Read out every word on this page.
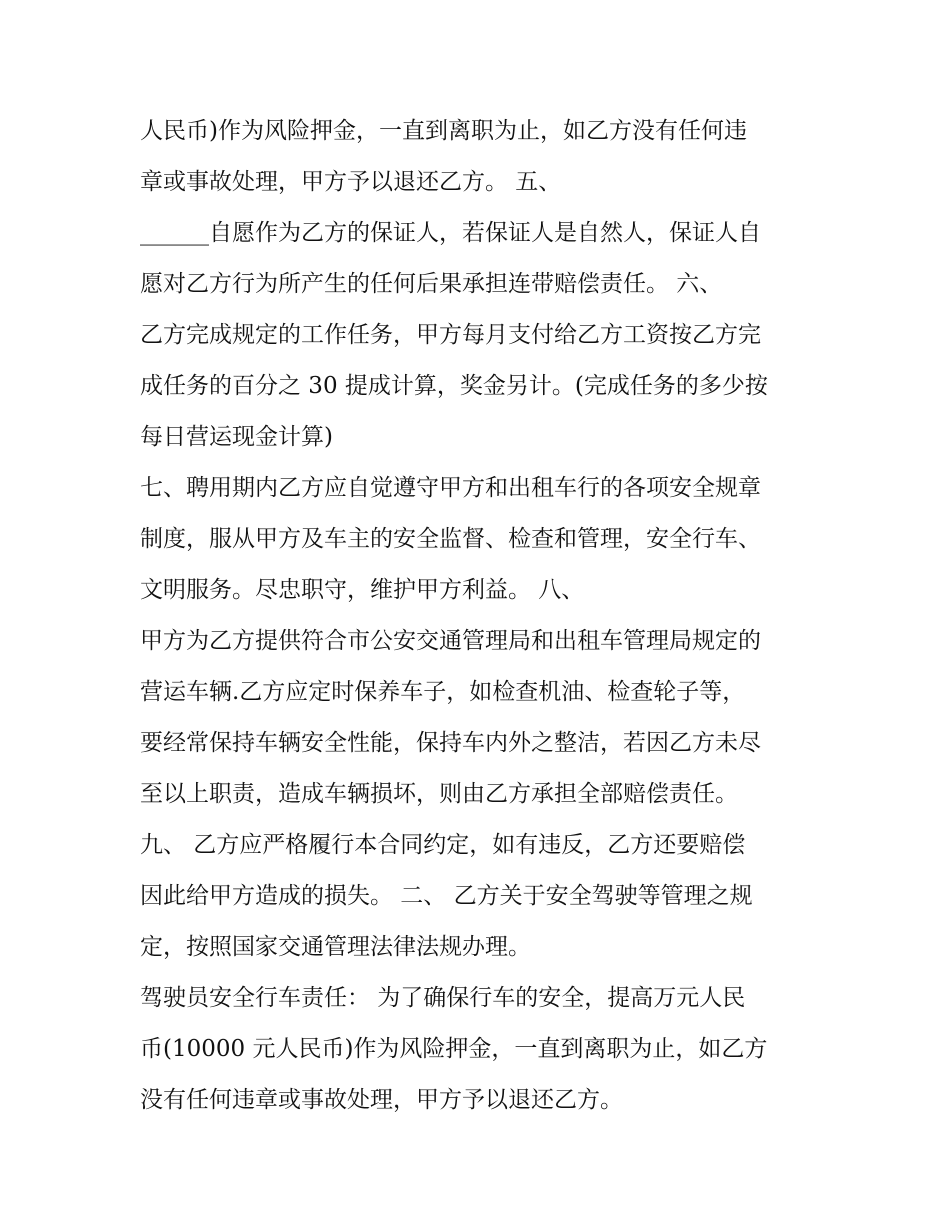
人民币)作为风险押金，一直到离职为止，如乙方没有任何违
章或事故处理，甲方予以退还乙方。 五、
______自愿作为乙方的保证人，若保证人是自然人，保证人自
愿对乙方行为所产生的任何后果承担连带赔偿责任。 六、
乙方完成规定的工作任务，甲方每月支付给乙方工资按乙方完
成任务的百分之 30 提成计算，奖金另计。(完成任务的多少按
每日营运现金计算)
七、聘用期内乙方应自觉遵守甲方和出租车行的各项安全规章
制度，服从甲方及车主的安全监督、检查和管理，安全行车、
文明服务。尽忠职守，维护甲方利益。 八、
甲方为乙方提供符合市公安交通管理局和出租车管理局规定的
营运车辆.乙方应定时保养车子，如检查机油、检查轮子等，
要经常保持车辆安全性能，保持车内外之整洁，若因乙方未尽
至以上职责，造成车辆损坏，则由乙方承担全部赔偿责任。
九、 乙方应严格履行本合同约定，如有违反，乙方还要赔偿
因此给甲方造成的损失。 二、 乙方关于安全驾驶等管理之规
定，按照国家交通管理法律法规办理。
驾驶员安全行车责任： 为了确保行车的安全，提高万元人民
币(10000 元人民币)作为风险押金，一直到离职为止，如乙方
没有任何违章或事故处理，甲方予以退还乙方。
